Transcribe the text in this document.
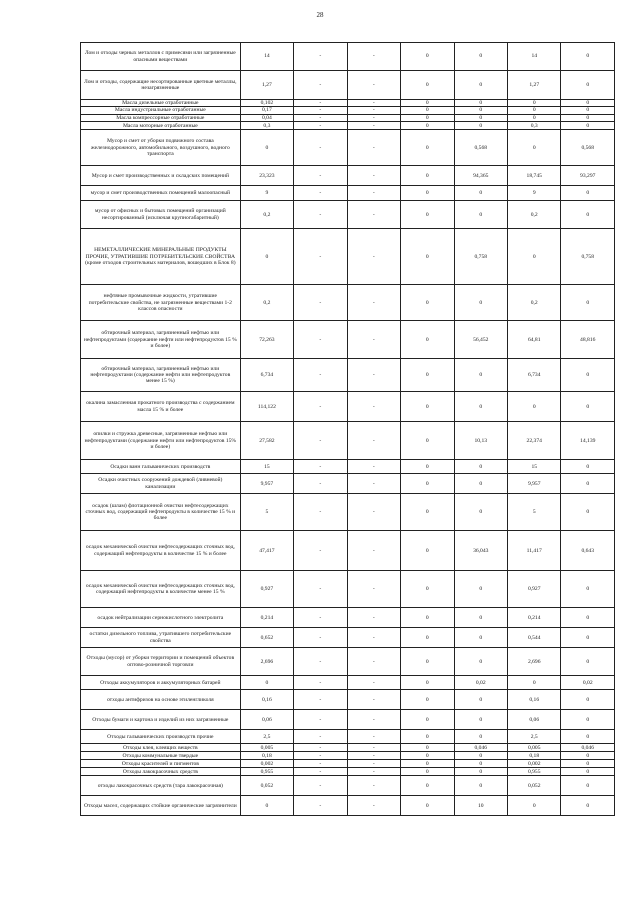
28
Лом и отходы черных металлов с примесями или загрязненные опасными веществами	14	-	-	0	0	14	0
Лом и отходы, содержащие несортированные цветные металлы, незагрязненные	1,27	-	-	0	0	1,27	0
Масла дизельные отработанные	0,102	-	-	0	0	0	0
Масла индустриальные отработанные	0,17	-	-	0	0	0	0
Масла компрессорные отработанные	0,04	-	-	0	0	0	0
Масла моторные отработанные	0,3	-	-	0	0	0,3	0
Мусор и смет от уборки подвижного состава железнодорожного, автомобильного, воздушного, водного транспорта	0	-	-	0	0,568	0	0,568
Мусор и смет производственных и складских помещений	23,323	-	-	0	94,365	18,745	93,297
мусор и смет производственных помещений малоопасный	9	-	-	0	0	9	0
мусор от офисных и бытовых помещений организаций несортированный (исключая крупногабаритный)	0,2	-	-	0	0	0,2	0
НЕМЕТАЛЛИЧЕСКИЕ МИНЕРАЛЬНЫЕ ПРОДУКТЫ ПРОЧИЕ, УТРАТИВШИЕ ПОТРЕБИТЕЛЬСКИЕ СВОЙСТВА (кроме отходов строительных материалов, вошедших в Блок 8)	0	-	-	0	0,758	0	0,758
нефтяные промывочные жидкости, утратившие потребительские свойства, не загрязненные веществами 1-2 классов опасности	0,2	-	-	0	0	0,2	0
обтирочный материал, загрязненный нефтью или нефтепродуктами (содержание нефти или нефтепродуктов 15 % и более)	72,263	-	-	0	56,452	64,81	48,816
обтирочный материал, загрязненный нефтью или нефтепродуктами (содержание нефти или нефтепродуктов менее 15 %)	6,734	-	-	0	0	6,734	0
окалина замасленная прокатного производства с содержанием масла 15 % и более	114,122	-	-	0	0	0	0
опилки и стружка древесные, загрязненные нефтью или нефтепродуктами (содержание нефти или нефтепродуктов 15% и более)	27,582	-	-	0	10,13	22,374	14,139
Осадки ванн гальванических производств	15	-	-	0	0	15	0
Осадки очистных сооружений дождевой (ливневой) канализации	9,957	-	-	0	0	9,957	0
осадок (шлам) флотационной очистки нефтесодержащих сточных вод, содержащий нефтепродукты в количестве 15 % и более	5	-	-	0	0	5	0
осадок механической очистки нефтесодержащих сточных вод, содержащий нефтепродукты в количестве 15 % и более	47,417	-	-	0	36,043	11,417	0,643
осадок механической очистки нефтесодержащих сточных вод, содержащий нефтепродукты в количестве менее 15 %	0,927	-	-	0	0	0,927	0
осадок нейтрализации сернокислотного электролита	0,214	-	-	0	0	0,214	0
остатки дизельного топлива, утратившего потребительские свойства	0,652	-	-	0	0	0,544	0
Отходы (мусор) от уборки территории и помещений объектов оптово-розничной торговли	2,696	-	-	0	0	2,696	0
Отходы аккумуляторов и аккумуляторных батарей	0	-	-	0	0,02	0	0,02
отходы антифризов на основе этиленгликоля	0,16	-	-	0	0	0,16	0
Отходы бумаги и картона и изделий из них загрязненные	0,06	-	-	0	0	0,06	0
Отходы гальванических производств прочие	2,5	-	-	0	0	2,5	0
Отходы клея, клеящих веществ	0,005	-	-	0	0,046	0,005	0,046
Отходы коммунальные твердые	0,18	-	-	0	0	0,18	0
Отходы красителей и пигментов	0,002	-	-	0	0	0,002	0
Отходы лакокрасочных средств	0,955	-	-	0	0	0,955	0
отходы лакокрасочных средств (тара лакокрасочная)	0,052	-	-	0	0	0,052	0
Отходы масел, содержащих стойкие органические загрязнители	0	-	-	0	10	0	0
